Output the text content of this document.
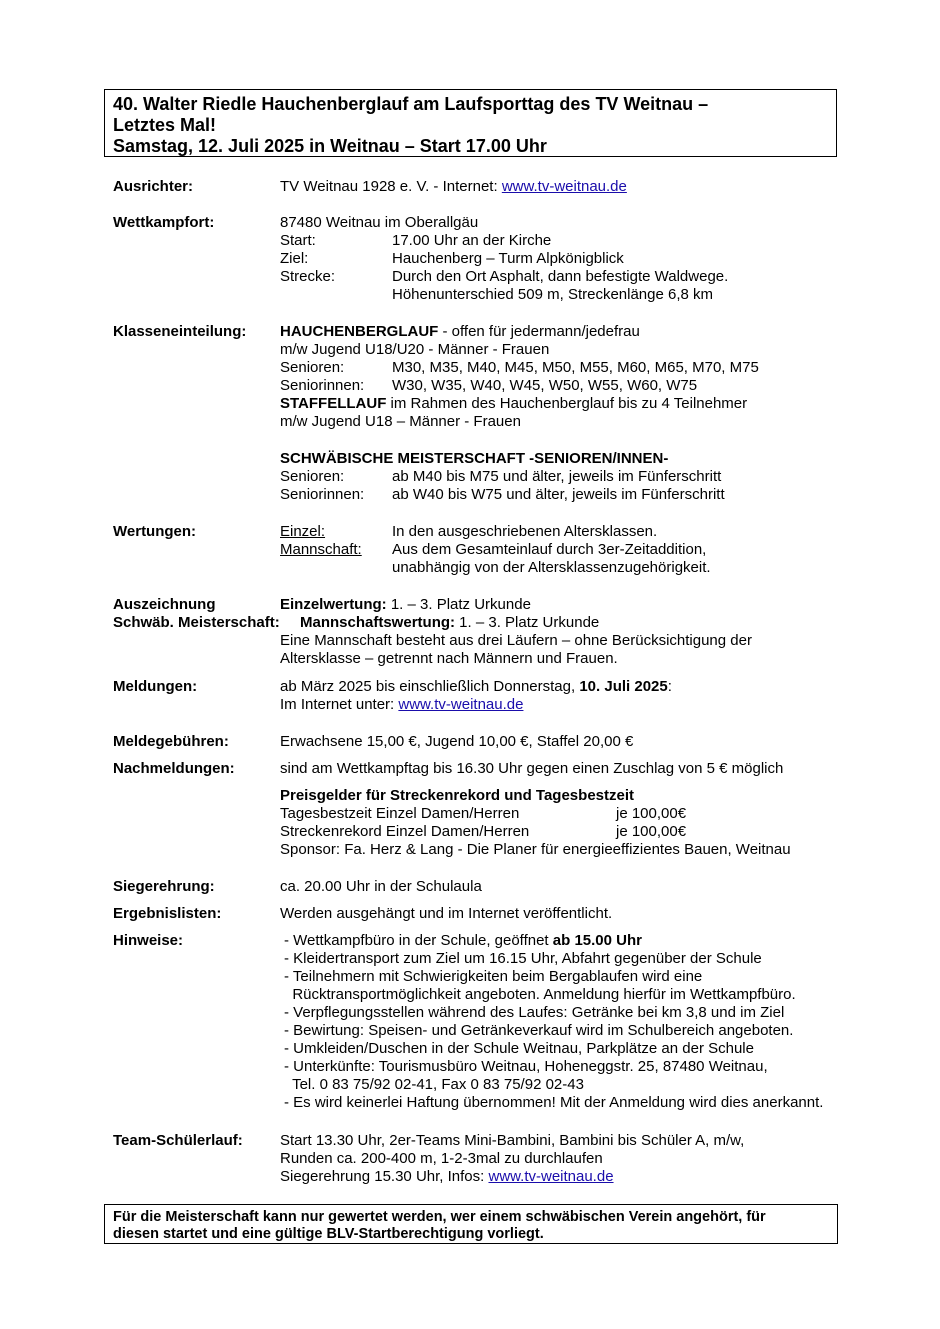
40. Walter Riedle Hauchenberglauf am Laufsporttag des TV Weitnau –
Letztes Mal!
Samstag, 12. Juli 2025 in Weitnau – Start 17.00 Uhr
Ausrichter:	TV Weitnau 1928 e. V. - Internet: www.tv-weitnau.de
Wettkampfort:	87480 Weitnau im Oberallgäu
Start:	17.00 Uhr an der Kirche
Ziel:	Hauchenberg – Turm Alpkönigblick
Strecke:	Durch den Ort Asphalt, dann befestigte Waldwege.
Höhenunterschied 509 m, Streckenlänge 6,8 km
Klasseneinteilung: HAUCHENBERGLAUF - offen für jedermann/jedefrau
m/w Jugend U18/U20 - Männer - Frauen
Senioren:	M30, M35, M40, M45, M50, M55, M60, M65, M70, M75
Seniorinnen: W30, W35, W40, W45, W50, W55, W60, W75
STAFFELLAUF im Rahmen des Hauchenberglauf bis zu 4 Teilnehmer
m/w Jugend U18 – Männer - Frauen
SCHWÄBISCHE MEISTERSCHAFT -SENIOREN/INNEN-
Senioren:	ab M40 bis M75 und älter, jeweils im Fünferschritt
Seniorinnen: ab W40 bis W75 und älter, jeweils im Fünferschritt
Wertungen:	Einzel:	In den ausgeschriebenen Altersklassen.
Mannschaft: Aus dem Gesamteinlauf durch 3er-Zeitaddition,
unabhängig von der Altersklassenzugehörigkeit.
Auszeichnung	Einzelwertung: 1. – 3. Platz Urkunde
Schwäb. Meisterschaft: Mannschaftswertung: 1. – 3. Platz Urkunde
Eine Mannschaft besteht aus drei Läufern – ohne Berücksichtigung der
Altersklasse – getrennt nach Männern und Frauen.
Meldungen:	ab März 2025 bis einschließlich Donnerstag, 10. Juli 2025:
Im Internet unter: www.tv-weitnau.de
Meldegebühren:	Erwachsene 15,00 €, Jugend 10,00 €, Staffel 20,00 €
Nachmeldungen:	sind am Wettkampftag bis 16.30 Uhr gegen einen Zuschlag von 5 € möglich
Preisgelder für Streckenrekord und Tagesbestzeit
Tagesbestzeit Einzel Damen/Herren	je 100,00€
Streckenrekord Einzel Damen/Herren	je 100,00€
Sponsor: Fa. Herz & Lang - Die Planer für energieeffizientes Bauen, Weitnau
Siegerehrung:	ca. 20.00 Uhr in der Schulaula
Ergebnislisten:	Werden ausgehängt und im Internet veröffentlicht.
Hinweise:	- Wettkampfbüro in der Schule, geöffnet ab 15.00 Uhr
- Kleidertransport zum Ziel um 16.15 Uhr, Abfahrt gegenüber der Schule
- Teilnehmern mit Schwierigkeiten beim Bergablaufen wird eine
Rücktransportmöglichkeit angeboten. Anmeldung hierfür im Wettkampfbüro.
- Verpflegungsstellen während des Laufes: Getränke bei km 3,8 und im Ziel
- Bewirtung: Speisen- und Getränkeverkauf wird im Schulbereich angeboten.
- Umkleiden/Duschen in der Schule Weitnau, Parkplätze an der Schule
- Unterkünfte: Tourismusbüro Weitnau, Hoheneggstr. 25, 87480 Weitnau,
Tel. 0 83 75/92 02-41, Fax 0 83 75/92 02-43
- Es wird keinerlei Haftung übernommen! Mit der Anmeldung wird dies anerkannt.
Team-Schülerlauf: Start 13.30 Uhr, 2er-Teams Mini-Bambini, Bambini bis Schüler A, m/w,
Runden ca. 200-400 m, 1-2-3mal zu durchlaufen
Siegerehrung 15.30 Uhr, Infos: www.tv-weitnau.de
Für die Meisterschaft kann nur gewertet werden, wer einem schwäbischen Verein angehört, für
diesen startet und eine gültige BLV-Startberechtigung vorliegt.
